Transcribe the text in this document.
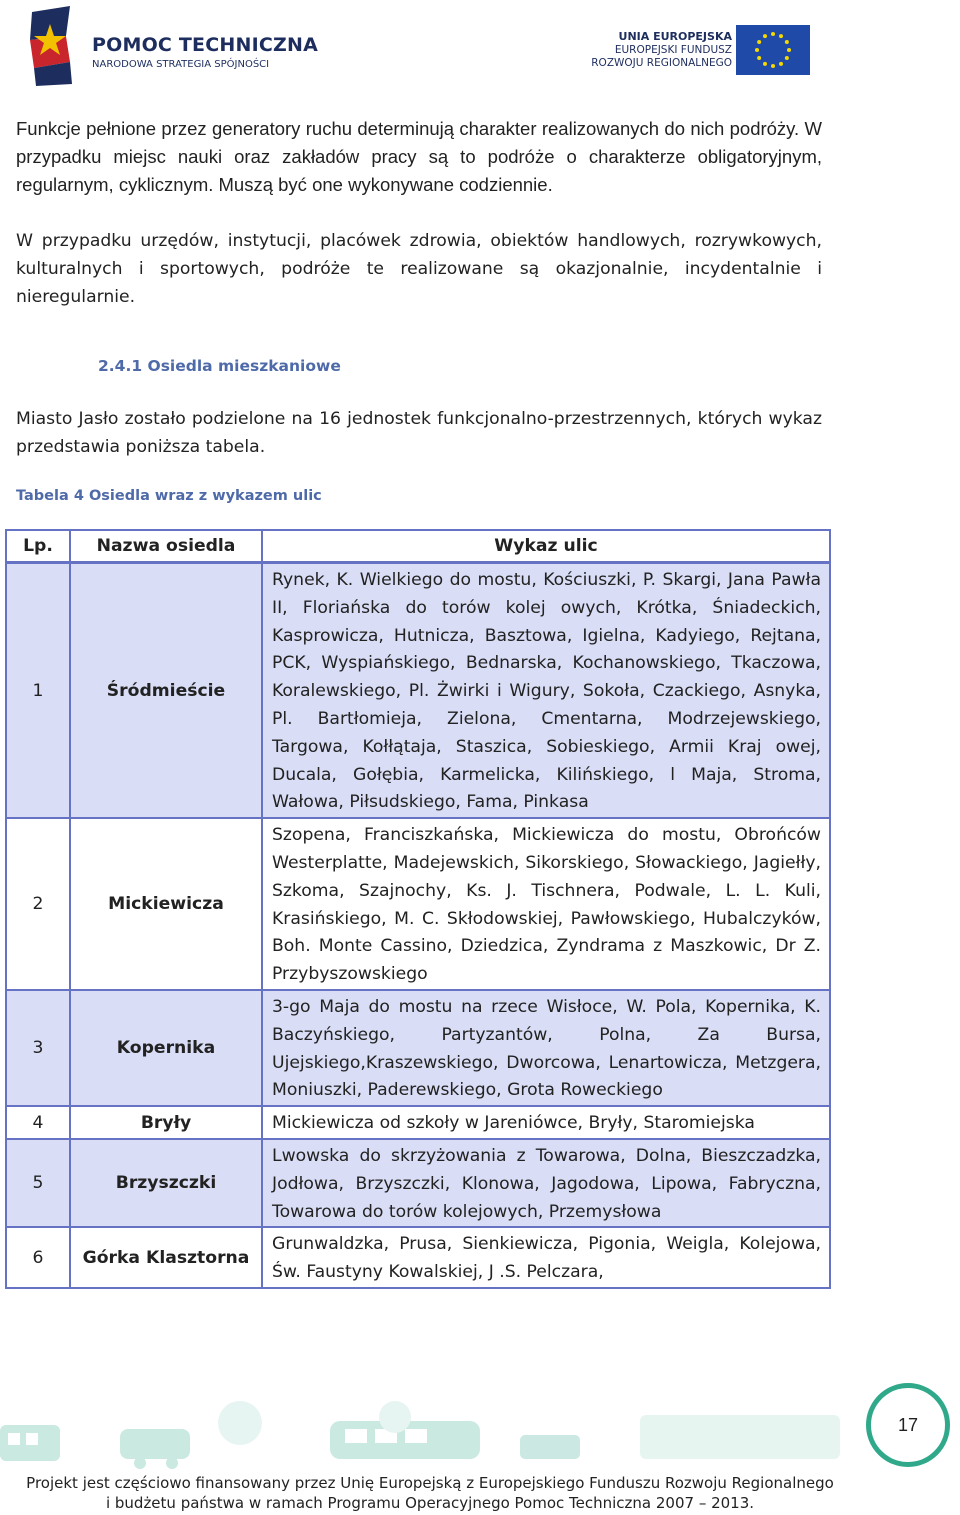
POMOC TECHNICZNA
NARODOWA STRATEGIA SPÓJNOŚCI
UNIA EUROPEJSKA
EUROPEJSKI FUNDUSZ
ROZWOJU REGIONALNEGO
Funkcje pełnione przez generatory ruchu determinują charakter realizowanych do nich podróży. W przypadku miejsc nauki oraz zakładów pracy są to podróże o charakterze obligatoryjnym, regularnym, cyklicznym. Muszą być one wykonywane codziennie.
W przypadku urzędów, instytucji, placówek zdrowia, obiektów handlowych, rozrywkowych, kulturalnych i sportowych, podróże te realizowane są okazjonalnie, incydentalnie i nieregularnie.
2.4.1 Osiedla mieszkaniowe
Miasto Jasło zostało podzielone na 16 jednostek funkcjonalno-przestrzennych, których wykaz przedstawia poniższa tabela.
Tabela 4 Osiedla wraz z wykazem ulic
Lp.	Nazwa osiedla	Wykaz ulic
1	Śródmieście	Rynek, K. Wielkiego do mostu, Kościuszki, P. Skargi, Jana Pawła II, Floriańska do torów kolej owych, Krótka, Śniadeckich, Kasprowicza, Hutnicza, Basztowa, Igielna, Kadyiego, Rejtana, PCK, Wyspiańskiego, Bednarska, Kochanowskiego, Tkaczowa, Koralewskiego, Pl. Żwirki i Wigury, Sokoła, Czackiego, Asnyka, Pl. Bartłomieja, Zielona, Cmentarna, Modrzejewskiego, Targowa, Kołłątaja, Staszica, Sobieskiego, Armii Kraj owej, Ducala, Gołębia, Karmelicka, Kilińskiego, l Maja, Stroma, Wałowa, Piłsudskiego, Fama, Pinkasa
2	Mickiewicza	Szopena, Franciszkańska, Mickiewicza do mostu, Obrońców Westerplatte, Madejewskich, Sikorskiego, Słowackiego, Jagiełły, Szkoma, Szajnochy, Ks. J. Tischnera, Podwale, L. L. Kuli, Krasińskiego, M. C. Skłodowskiej, Pawłowskiego, Hubalczyków, Boh. Monte Cassino, Dziedzica, Zyndrama z Maszkowic, Dr Z. Przybyszowskiego
3	Kopernika	3-go Maja do mostu na rzece Wisłoce, W. Pola, Kopernika, K. Baczyńskiego, Partyzantów, Polna, Za Bursa, Ujejskiego,Kraszewskiego, Dworcowa, Lenartowicza, Metzgera, Moniuszki, Paderewskiego, Grota Roweckiego
4	Bryły	Mickiewicza od szkoły w Jareniówce, Bryły, Staromiejska
5	Brzyszczki	Lwowska do skrzyżowania z Towarowa, Dolna, Bieszczadzka, Jodłowa, Brzyszczki, Klonowa, Jagodowa, Lipowa, Fabryczna, Towarowa do torów kolejowych, Przemysłowa
6	Górka Klasztorna	Grunwaldzka, Prusa, Sienkiewicza, Pigonia, Weigla, Kolejowa, Św. Faustyny Kowalskiej, J .S. Pelczara,
17
Projekt jest częściowo finansowany przez Unię Europejską z Europejskiego Funduszu Rozwoju Regionalnego
i budżetu państwa w ramach Programu Operacyjnego Pomoc Techniczna 2007 – 2013.
